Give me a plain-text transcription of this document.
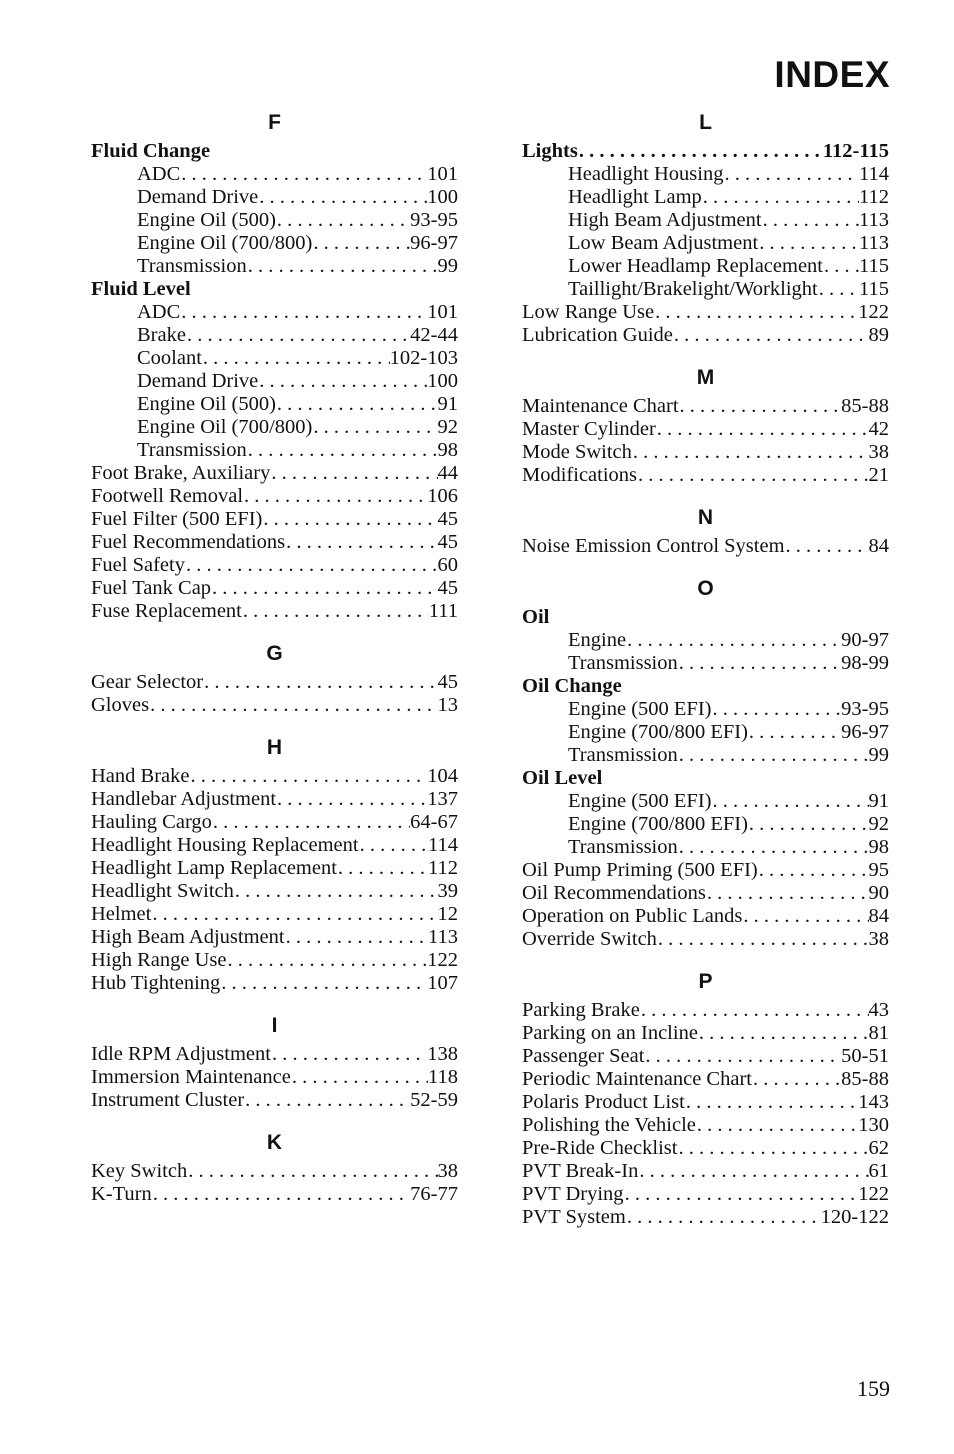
INDEX
F
Fluid Change
ADC . . .	101
Demand Drive . . .	100
Engine Oil (500) . . .	93-95
Engine Oil (700/800) . . .	96-97
Transmission . . .	99
Fluid Level
ADC . . .	101
Brake . . .	42-44
Coolant . . .	102-103
Demand Drive . . .	100
Engine Oil (500) . . .	91
Engine Oil (700/800) . . .	92
Transmission . . .	98
Foot Brake, Auxiliary . . .	44
Footwell Removal . . .	106
Fuel Filter (500 EFI) . . .	45
Fuel Recommendations . . .	45
Fuel Safety . . .	60
Fuel Tank Cap . . .	45
Fuse Replacement . . .	111
G
Gear Selector . . .	45
Gloves . . .	13
H
Hand Brake . . .	104
Handlebar Adjustment . . .	137
Hauling Cargo . . .	64-67
Headlight Housing Replacement . . .	114
Headlight Lamp Replacement . . .	112
Headlight Switch . . .	39
Helmet . . .	12
High Beam Adjustment . . .	113
High Range Use . . .	122
Hub Tightening . . .	107
I
Idle RPM Adjustment . . .	138
Immersion Maintenance . . .	118
Instrument Cluster . . .	52-59
K
Key Switch . . .	38
K-Turn . . .	76-77
L
Lights . . .	112-115
Headlight Housing . . .	114
Headlight Lamp . . .	112
High Beam Adjustment . . .	113
Low Beam Adjustment . . .	113
Lower Headlamp Replacement . . . 115
Taillight/Brakelight/Worklight . . . 115
Low Range Use . . .	122
Lubrication Guide . . .	89
M
Maintenance Chart . . .	85-88
Master Cylinder . . .	42
Mode Switch . . .	38
Modifications . . .	21
N
Noise Emission Control System . . .	84
O
Oil
Engine . . .	90-97
Transmission . . .	98-99
Oil Change
Engine (500 EFI) . . .	93-95
Engine (700/800 EFI) . . .	96-97
Transmission . . .	99
Oil Level
Engine (500 EFI) . . .	91
Engine (700/800 EFI) . . .	92
Transmission . . .	98
Oil Pump Priming (500 EFI) . . .	95
Oil Recommendations . . .	90
Operation on Public Lands . . .	84
Override Switch . . .	38
P
Parking Brake . . .	43
Parking on an Incline . . .	81
Passenger Seat . . .	50-51
Periodic Maintenance Chart . . .	85-88
Polaris Product List . . .	143
Polishing the Vehicle . . .	130
Pre-Ride Checklist . . .	62
PVT Break-In . . .	61
PVT Drying . . .	122
PVT System . . .	120-122
159
